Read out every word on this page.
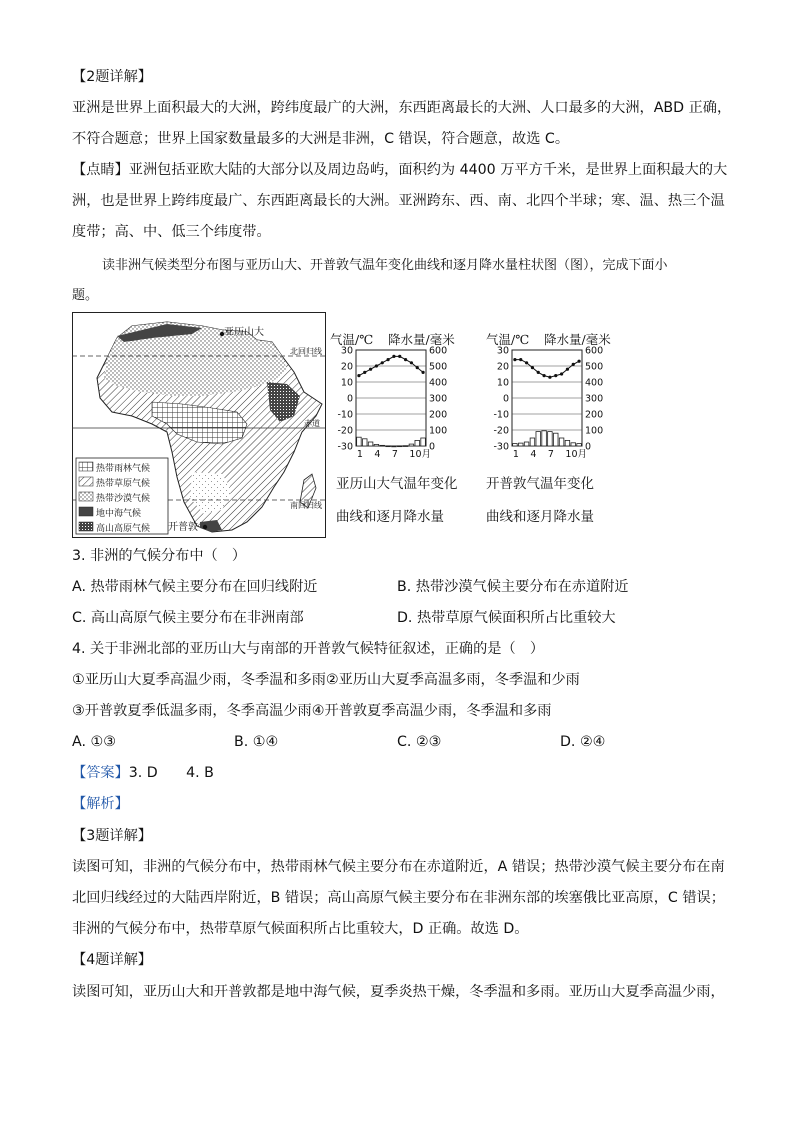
【2题详解】
亚洲是世界上面积最大的大洲，跨纬度最广的大洲，东西距离最长的大洲、人口最多的大洲，ABD 正确，
不符合题意；世界上国家数量最多的大洲是非洲，C 错误，符合题意，故选 C。
【点睛】亚洲包括亚欧大陆的大部分以及周边岛屿，面积约为 4400 万平方千米，是世界上面积最大的大
洲，也是世界上跨纬度最广、东西距离最长的大洲。亚洲跨东、西、南、北四个半球；寒、温、热三个温
度带；高、中、低三个纬度带。
读非洲气候类型分布图与亚历山大、开普敦气温年变化曲线和逐月降水量柱状图（图），完成下面小
题。
亚历山大
北回归线
赤道
南回归线
开普敦
热带雨林气候
热带草原气候
热带沙漠气候
地中海气候
高山高原气候
气温/℃ 降水量/毫米
30	600
20	500
10	400
0	300
-10	200
-20	100
-30	0
1 4 7 10月
亚历山大气温年变化
曲线和逐月降水量
气温/℃ 降水量/毫米
30	600
20	500
10	400
0	300
-10	200
-20	100
-30	0
1 4 7 10月
开普敦气温年变化
曲线和逐月降水量
3. 非洲的气候分布中（　）
A. 热带雨林气候主要分布在回归线附近	B. 热带沙漠气候主要分布在赤道附近
C. 高山高原气候主要分布在非洲南部	D. 热带草原气候面积所占比重较大
4. 关于非洲北部的亚历山大与南部的开普敦气候特征叙述，正确的是（　）
①亚历山大夏季高温少雨，冬季温和多雨②亚历山大夏季高温多雨，冬季温和少雨
③开普敦夏季低温多雨，冬季高温少雨④开普敦夏季高温少雨，冬季温和多雨
A. ①③	B. ①④	C. ②③	D. ②④
【答案】3. D　　4. B
【解析】
【3题详解】
读图可知，非洲的气候分布中，热带雨林气候主要分布在赤道附近，A 错误；热带沙漠气候主要分布在南
北回归线经过的大陆西岸附近，B 错误；高山高原气候主要分布在非洲东部的埃塞俄比亚高原，C 错误；
非洲的气候分布中，热带草原气候面积所占比重较大，D 正确。故选 D。
【4题详解】
读图可知，亚历山大和开普敦都是地中海气候，夏季炎热干燥，冬季温和多雨。亚历山大夏季高温少雨，
